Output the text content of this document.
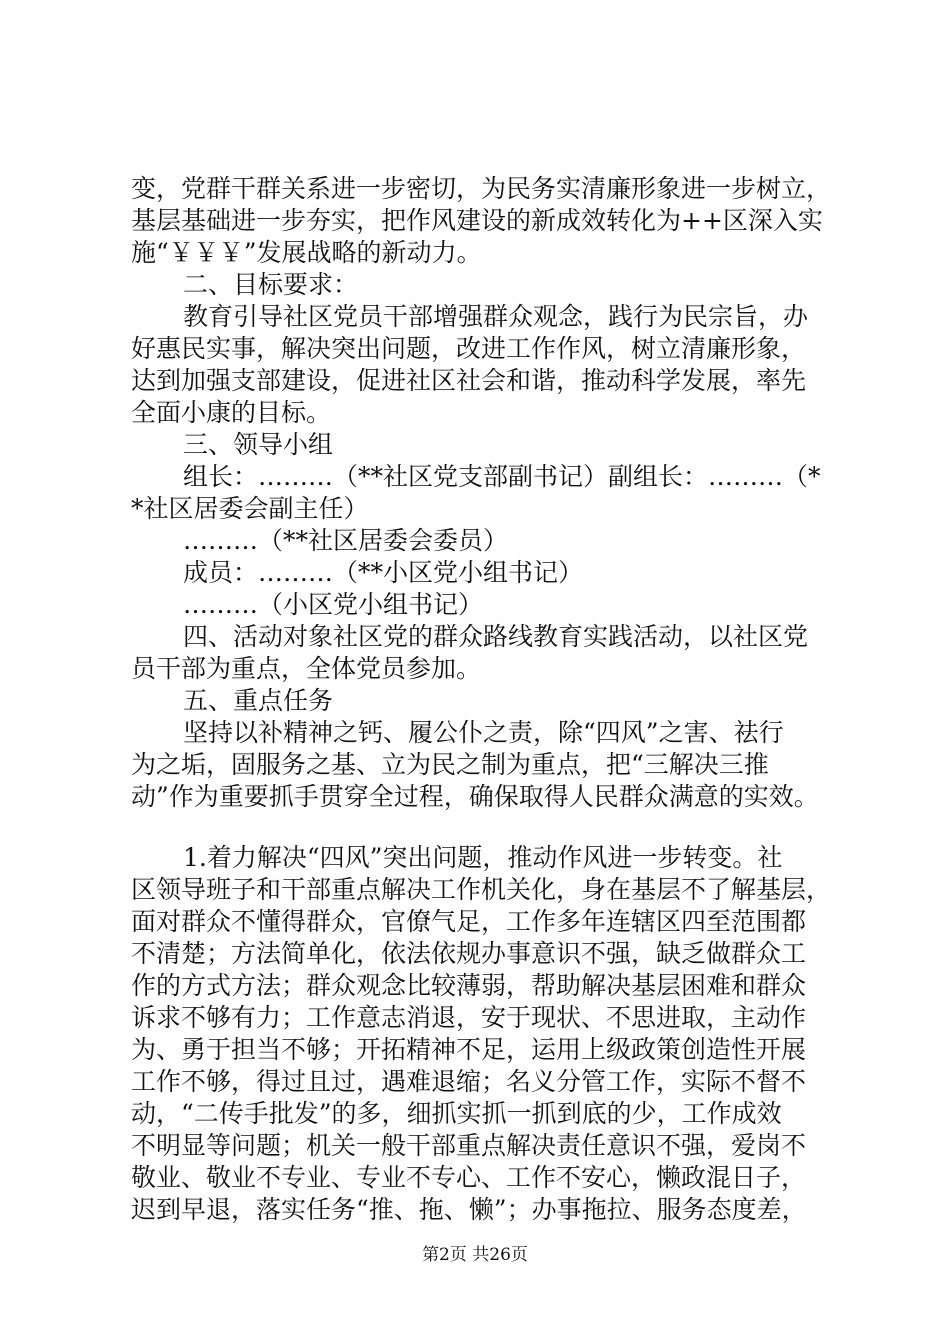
变，党群干群关系进一步密切，为民务实清廉形象进一步树立，
基层基础进一步夯实，把作风建设的新成效转化为++区深入实
施“￥￥￥”发展战略的新动力。
二、目标要求：
教育引导社区党员干部增强群众观念，践行为民宗旨，办
好惠民实事，解决突出问题，改进工作作风，树立清廉形象，
达到加强支部建设，促进社区社会和谐，推动科学发展，率先
全面小康的目标。
三、领导小组
组长：………（**社区党支部副书记）副组长：………（*
*社区居委会副主任）
………（**社区居委会委员）
成员：………（**小区党小组书记）
………（小区党小组书记）
四、活动对象社区党的群众路线教育实践活动，以社区党
员干部为重点，全体党员参加。
五、重点任务
坚持以补精神之钙、履公仆之责，除“四风”之害、祛行
为之垢，固服务之基、立为民之制为重点，把“三解决三推
动”作为重要抓手贯穿全过程，确保取得人民群众满意的实效。
1.着力解决“四风”突出问题，推动作风进一步转变。社
区领导班子和干部重点解决工作机关化，身在基层不了解基层，
面对群众不懂得群众，官僚气足，工作多年连辖区四至范围都
不清楚；方法简单化，依法依规办事意识不强，缺乏做群众工
作的方式方法；群众观念比较薄弱，帮助解决基层困难和群众
诉求不够有力；工作意志消退，安于现状、不思进取，主动作
为、勇于担当不够；开拓精神不足，运用上级政策创造性开展
工作不够，得过且过，遇难退缩；名义分管工作，实际不督不
动，“二传手批发”的多，细抓实抓一抓到底的少，工作成效
不明显等问题；机关一般干部重点解决责任意识不强，爱岗不
敬业、敬业不专业、专业不专心、工作不安心，懒政混日子，
迟到早退，落实任务“推、拖、懒”；办事拖拉、服务态度差，
第2页 共26页
